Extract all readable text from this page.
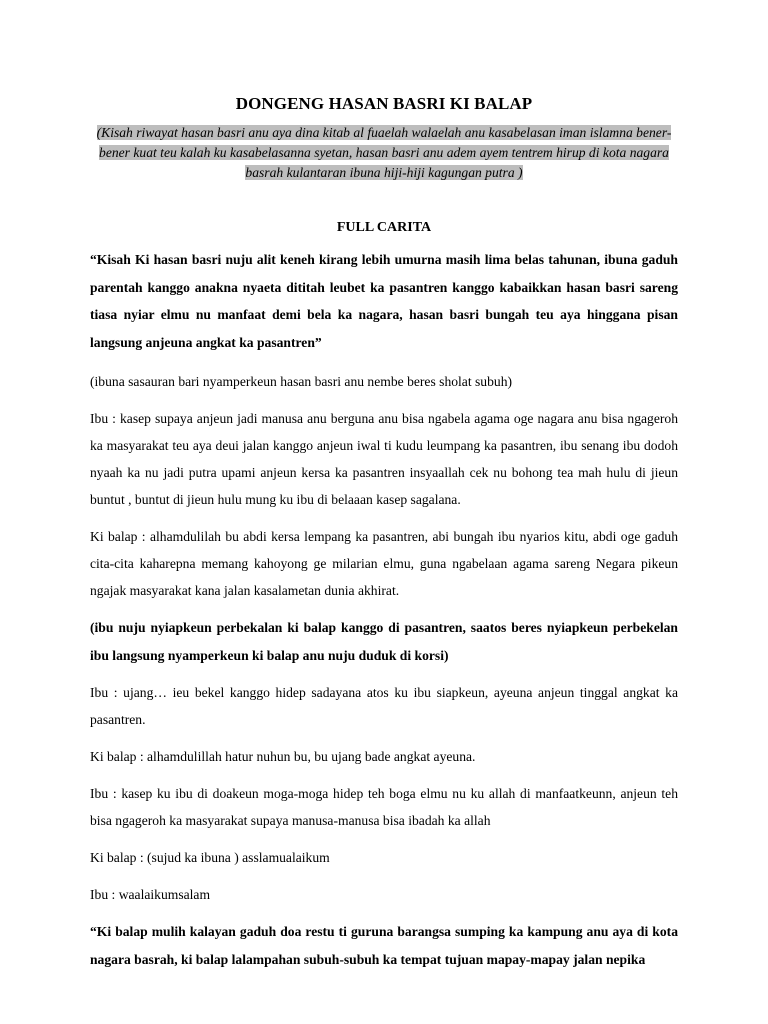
DONGENG HASAN BASRI KI BALAP
(Kisah riwayat hasan basri anu aya dina kitab al fuaelah walaelah anu kasabelasan iman islamna bener-bener kuat teu kalah ku kasabelasanna syetan, hasan basri anu adem ayem tentrem hirup di kota nagara basrah kulantaran ibuna hiji-hiji kagungan putra )
FULL CARITA

“Kisah Ki hasan basri nuju alit keneh kirang lebih umurna masih lima belas tahunan, ibuna gaduh parentah kanggo anakna nyaeta dititah leubet ka pasantren kanggo kabaikkan hasan basri sareng tiasa nyiar elmu nu manfaat demi bela ka nagara, hasan basri bungah teu aya hinggana pisan langsung anjeuna angkat ka pasantren”

(ibuna sasauran bari nyamperkeun hasan basri anu nembe beres sholat subuh)

Ibu : kasep supaya anjeun jadi manusa anu berguna anu bisa ngabela agama oge nagara anu bisa ngageroh ka masyarakat teu aya deui jalan kanggo anjeun iwal ti kudu leumpang ka pasantren, ibu senang ibu dodoh nyaah ka nu jadi putra upami anjeun kersa ka pasantren insyaallah cek nu bohong tea mah hulu di jieun buntut , buntut di jieun hulu mung ku ibu di belaaan kasep sagalana.

Ki balap : alhamdulilah bu abdi kersa lempang ka pasantren, abi bungah ibu nyarios kitu, abdi oge gaduh cita-cita kaharepna memang kahoyong ge milarian elmu, guna ngabelaan agama sareng Negara pikeun ngajak masyarakat kana jalan kasalametan dunia akhirat.

(ibu nuju nyiapkeun perbekalan ki balap kanggo di pasantren, saatos beres nyiapkeun perbekelan ibu langsung nyamperkeun ki balap anu nuju duduk di korsi)

Ibu : ujang… ieu bekel kanggo hidep sadayana atos ku ibu siapkeun, ayeuna anjeun tinggal angkat ka pasantren.

Ki balap : alhamdulillah hatur nuhun bu, bu ujang bade angkat ayeuna.

Ibu : kasep ku ibu di doakeun moga-moga hidep teh boga elmu nu ku allah di manfaatkeunn, anjeun teh bisa ngageroh ka masyarakat supaya manusa-manusa bisa ibadah ka allah

Ki balap : (sujud ka ibuna ) asslamualaikum

Ibu : waalaikumsalam

“Ki balap mulih kalayan gaduh doa restu ti guruna barangsa sumping ka kampung anu aya di kota nagara basrah, ki balap lalampahan subuh-subuh ka tempat tujuan mapay-mapay jalan nepika
